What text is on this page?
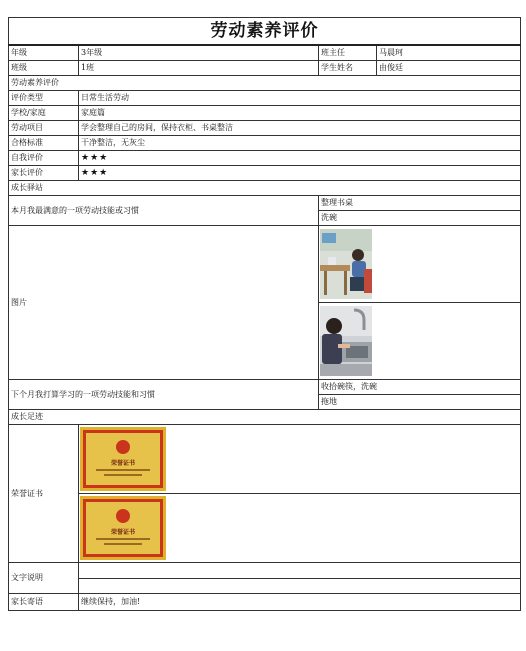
劳动素养评价			
年级	3年级	班主任	马晨珂
班级	1班	学生姓名	由俊廷
劳动素养评价			
评价类型	日常生活劳动		
学校/家庭	家庭篇		
劳动项目	学会整理自己的房间，保持衣柜、书桌整洁		
合格标准	干净整洁，无灰尘		
自我评价	★★★		
家长评价	★★★		
成长驿站			
本月我最满意的一项劳动技能或习惯		整理书桌	
		洗碗	
图片	

下个月我打算学习的一项劳动技能和习惯		收拾碗筷，洗碗	
		拖地	
成长足迹			
荣誉证书	荣誉证书		

荣誉证书		

文字说明			

家长寄语	继续保持，加油!		
